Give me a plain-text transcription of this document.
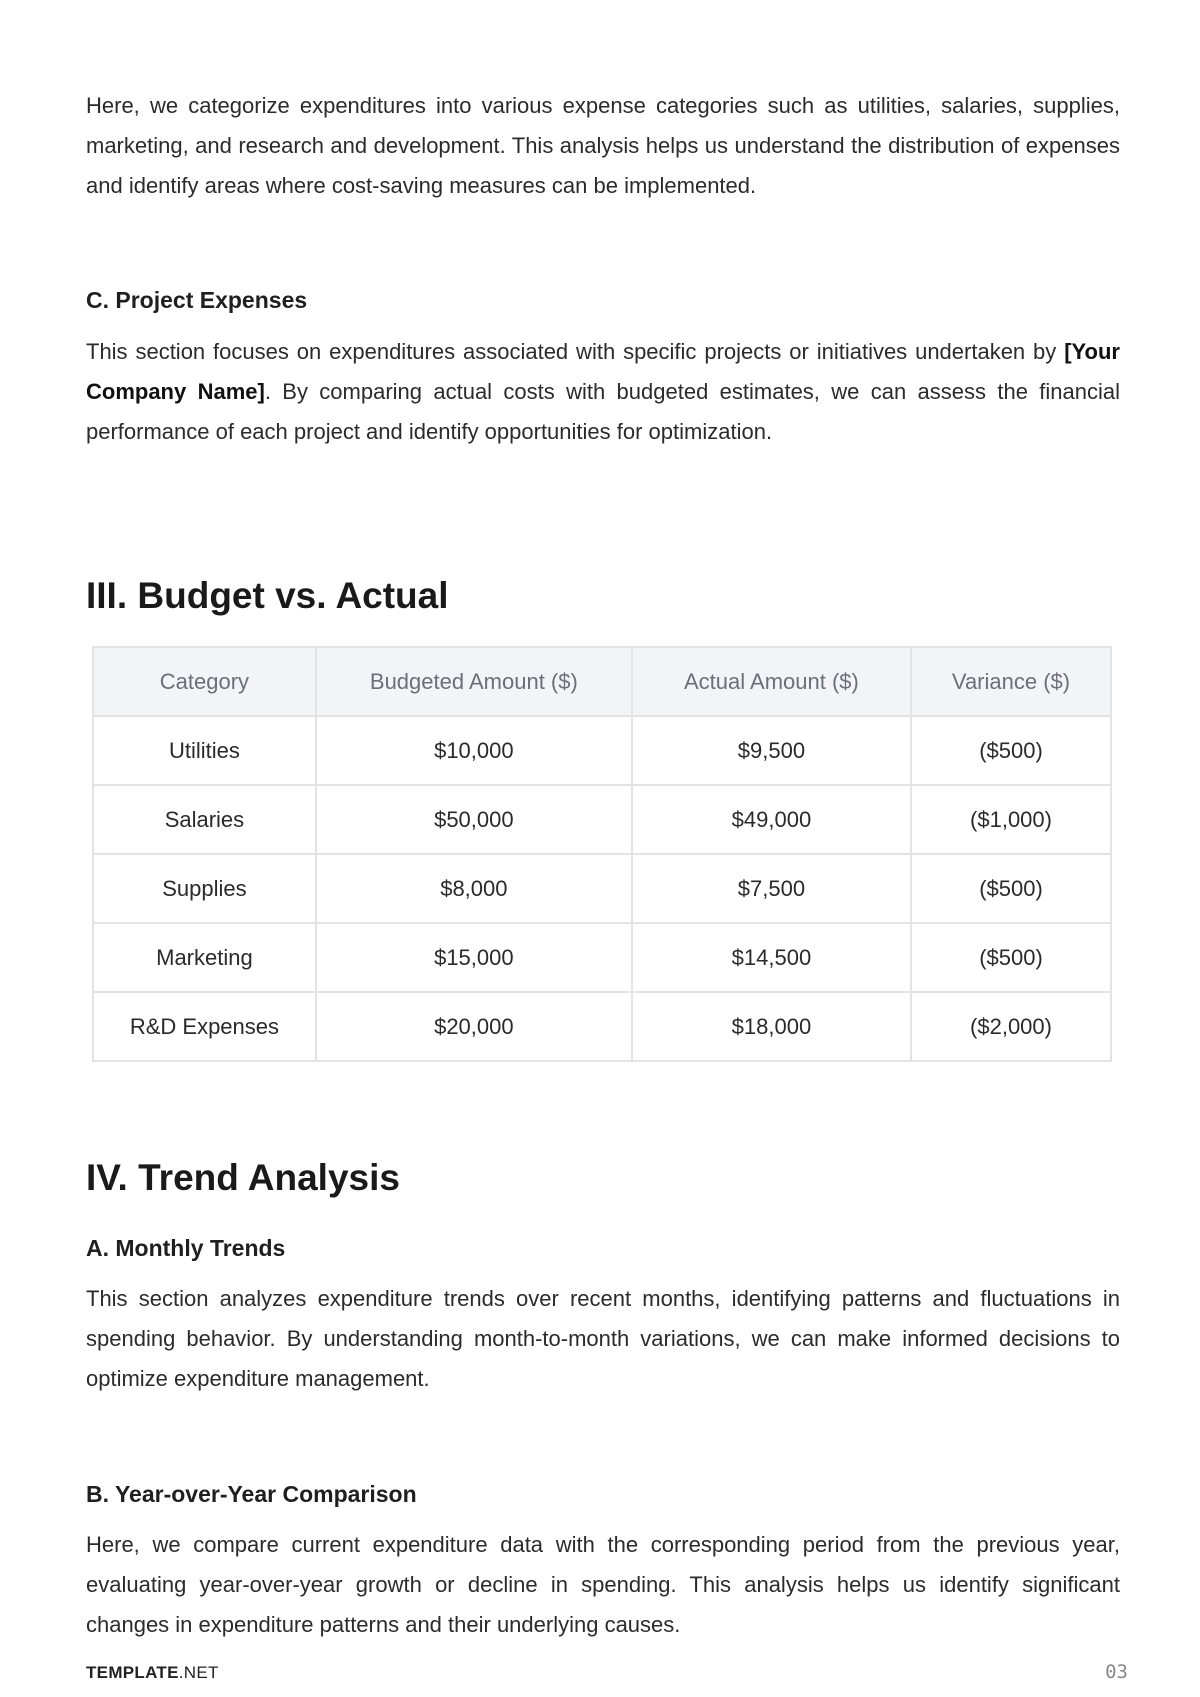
Here, we categorize expenditures into various expense categories such as utilities, salaries, supplies, marketing, and research and development. This analysis helps us understand the distribution of expenses and identify areas where cost-saving measures can be implemented.

C. Project Expenses

This section focuses on expenditures associated with specific projects or initiatives undertaken by [Your Company Name]. By comparing actual costs with budgeted estimates, we can assess the financial performance of each project and identify opportunities for optimization.

III. Budget vs. Actual
Category	Budgeted Amount ($)	Actual Amount ($)	Variance ($)
Utilities	$10,000	$9,500	($500)
Salaries	$50,000	$49,000	($1,000)
Supplies	$8,000	$7,500	($500)
Marketing	$15,000	$14,500	($500)
R&D Expenses	$20,000	$18,000	($2,000)
IV. Trend Analysis
A. Monthly Trends

This section analyzes expenditure trends over recent months, identifying patterns and fluctuations in spending behavior. By understanding month-to-month variations, we can make informed decisions to optimize expenditure management.

B. Year-over-Year Comparison

Here, we compare current expenditure data with the corresponding period from the previous year, evaluating year-over-year growth or decline in spending. This analysis helps us identify significant changes in expenditure patterns and their underlying causes.

TEMPLATE.NET	03
